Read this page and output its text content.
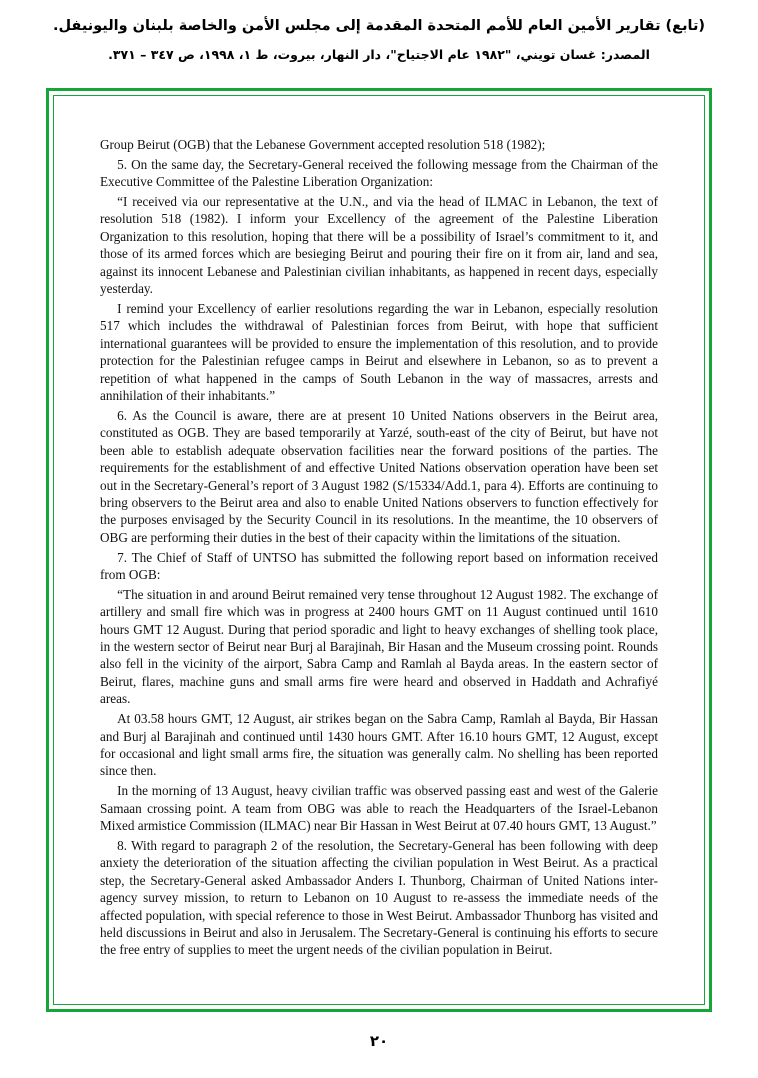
(تابع) تقارير الأمين العام للأمم المتحدة المقدمة إلى مجلس الأمن والخاصة بلبنان واليونيفل.
المصدر: غسان تويني، "١٩٨٢ عام الاجتياح"، دار النهار، بيروت، ط ١، ١٩٩٨، ص ٣٤٧ – ٣٧١.

Group Beirut (OGB) that the Lebanese Government accepted resolution 518 (1982);

5. On the same day, the Secretary-General received the following message from the Chairman of the Executive Committee of the Palestine Liberation Organization:

“I received via our representative at the U.N., and via the head of ILMAC in Lebanon, the text of resolution 518 (1982). I inform your Excellency of the agreement of the Palestine Liberation Organization to this resolution, hoping that there will be a possibility of Israel’s commitment to it, and those of its armed forces which are besieging Beirut and pouring their fire on it from air, land and sea, against its innocent Lebanese and Palestinian civilian inhabitants, as happened in recent days, especially yesterday.

I remind your Excellency of earlier resolutions regarding the war in Lebanon, especially resolution 517 which includes the withdrawal of Palestinian forces from Beirut, with hope that sufficient international guarantees will be provided to ensure the implementation of this resolution, and to provide protection for the Palestinian refugee camps in Beirut and elsewhere in Lebanon, so as to prevent a repetition of what happened in the camps of South Lebanon in the way of massacres, arrests and annihilation of their inhabitants.”

6. As the Council is aware, there are at present 10 United Nations observers in the Beirut area, constituted as OGB. They are based temporarily at Yarzé, south-east of the city of Beirut, but have not been able to establish adequate observation facilities near the forward positions of the parties. The requirements for the establishment of and effective United Nations observation operation have been set out in the Secretary-General’s report of 3 August 1982 (S/15334/Add.1, para 4). Efforts are continuing to bring observers to the Beirut area and also to enable United Nations observers to function effectively for the purposes envisaged by the Security Council in its resolutions. In the meantime, the 10 observers of OBG are performing their duties in the best of their capacity within the limitations of the situation.

7. The Chief of Staff of UNTSO has submitted the following report based on information received from OGB:

“The situation in and around Beirut remained very tense throughout 12 August 1982. The exchange of artillery and small fire which was in progress at 2400 hours GMT on 11 August continued until 1610 hours GMT 12 August. During that period sporadic and light to heavy exchanges of shelling took place, in the western sector of Beirut near Burj al Barajinah, Bir Hasan and the Museum crossing point. Rounds also fell in the vicinity of the airport, Sabra Camp and Ramlah al Bayda areas. In the eastern sector of Beirut, flares, machine guns and small arms fire were heard and observed in Haddath and Achrafiyé areas.

At 03.58 hours GMT, 12 August, air strikes began on the Sabra Camp, Ramlah al Bayda, Bir Hassan and Burj al Barajinah and continued until 1430 hours GMT. After 16.10 hours GMT, 12 August, except for occasional and light small arms fire, the situation was generally calm. No shelling has been reported since then.

In the morning of 13 August, heavy civilian traffic was observed passing east and west of the Galerie Samaan crossing point. A team from OBG was able to reach the Headquarters of the Israel-Lebanon Mixed armistice Commission (ILMAC) near Bir Hassan in West Beirut at 07.40 hours GMT, 13 August.”

8. With regard to paragraph 2 of the resolution, the Secretary-General has been following with deep anxiety the deterioration of the situation affecting the civilian population in West Beirut. As a practical step, the Secretary-General asked Ambassador Anders I. Thunborg, Chairman of United Nations inter-agency survey mission, to return to Lebanon on 10 August to re-assess the immediate needs of the affected population, with special reference to those in West Beirut. Ambassador Thunborg has visited and held discussions in Beirut and also in Jerusalem. The Secretary-General is continuing his efforts to secure the free entry of supplies to meet the urgent needs of the civilian population in Beirut.

٢٠
